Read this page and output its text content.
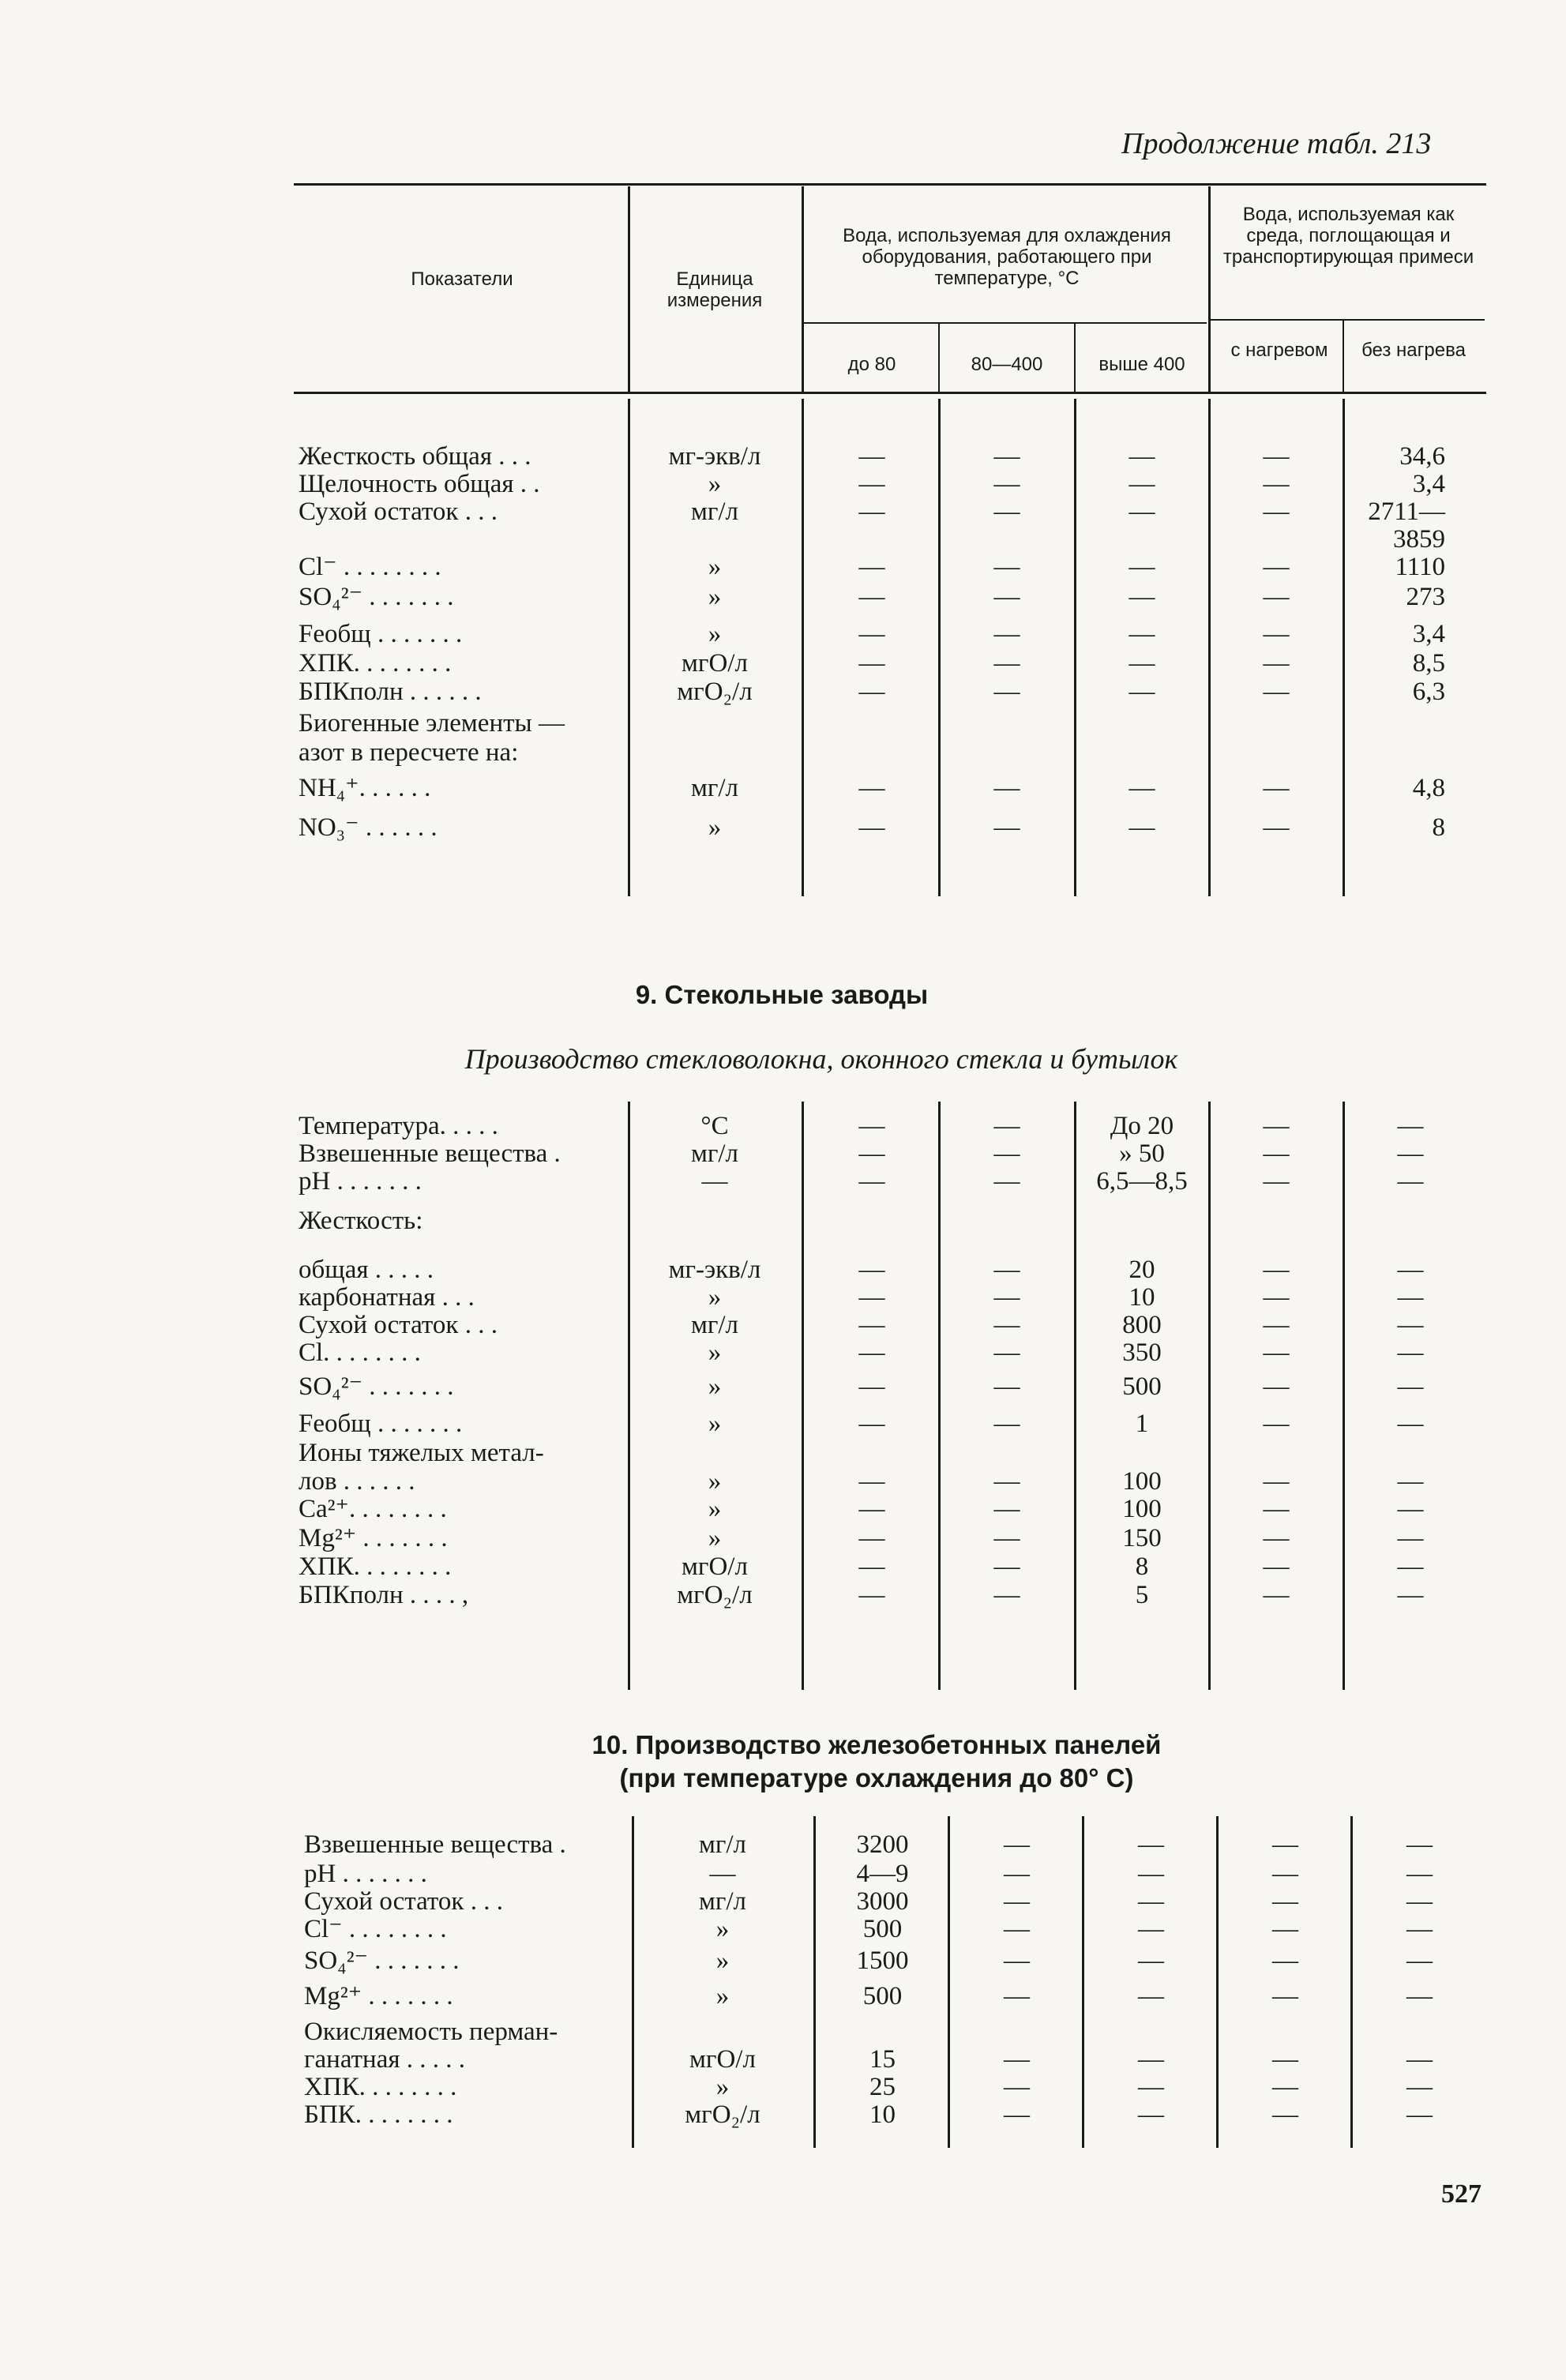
Продолжение табл. 213
Показатели	Единица измерения
Вода, используемая для охлаждения оборудования, работающего при температуре, °С
Вода, используемая как среда, поглощающая и транспортирующая примеси
до 80	80—400	выше 400
с нагревом	без нагрева
Жесткость общая . . .	мг-экв/л	—	—	—	—	34,6
Щелочность общая . .	»	—	—	—	—	3,4
Сухой остаток . . .	мг/л	—	—	—	—	2711—
3859
Cl⁻ . . . . . . . .	»	—	—	—	—	1110
SO₄²⁻ . . . . . . .	»	—	—	—	—	273
Feобщ . . . . . . .	»	—	—	—	—	3,4
ХПК. . . . . . . .	мгО/л	—	—	—	—	8,5
БПКполн . . . . . .	мгО₂/л	—	—	—	—	6,3
Биогенные элементы —
азот в пересчете на:
NH₄⁺. . . . . .	мг/л	—	—	—	—	4,8
NO₃⁻ . . . . . .	»	—	—	—	—	8
9. Стекольные заводы
Производство стекловолокна, оконного стекла и бутылок
Температура. . . . .	°С	—	—	До 20	—	—
Взвешенные вещества .	мг/л	—	—	» 50	—	—
pH . . . . . . .	—	—	—	6,5—8,5	—	—
Жесткость:
общая . . . . .	мг-экв/л	—	—	20	—	—
карбонатная . . .	»	—	—	10	—	—
Сухой остаток . . .	мг/л	—	—	800	—	—
Cl. . . . . . . .	»	—	—	350	—	—
SO₄²⁻ . . . . . . .	»	—	—	500	—	—
Feобщ . . . . . . .	»	—	—	1	—	—
Ионы тяжелых метал-
лов . . . . . .	»	—	—	100	—	—
Ca²⁺. . . . . . . .	»	—	—	100	—	—
Mg²⁺ . . . . . . .	»	—	—	150	—	—
ХПК. . . . . . . .	мгО/л	—	—	8	—	—
БПКполн . . . . ,	мгО₂/л	—	—	5	—	—
10. Производство железобетонных панелей
(при температуре охлаждения до 80° С)
Взвешенные вещества .	мг/л	3200	—	—	—	—
pH . . . . . . .	—	4—9	—	—	—	—
Сухой остаток . . .	мг/л	3000	—	—	—	—
Cl⁻ . . . . . . . .	»	500	—	—	—	—
SO₄²⁻ . . . . . . .	»	1500	—	—	—	—
Mg²⁺ . . . . . . .	»	500	—	—	—	—
Окисляемость перман-
ганатная . . . . .	мгО/л	15	—	—	—	—
ХПК. . . . . . . .	»	25	—	—	—	—
БПК. . . . . . . .	мгО₂/л	10	—	—	—	—
527
